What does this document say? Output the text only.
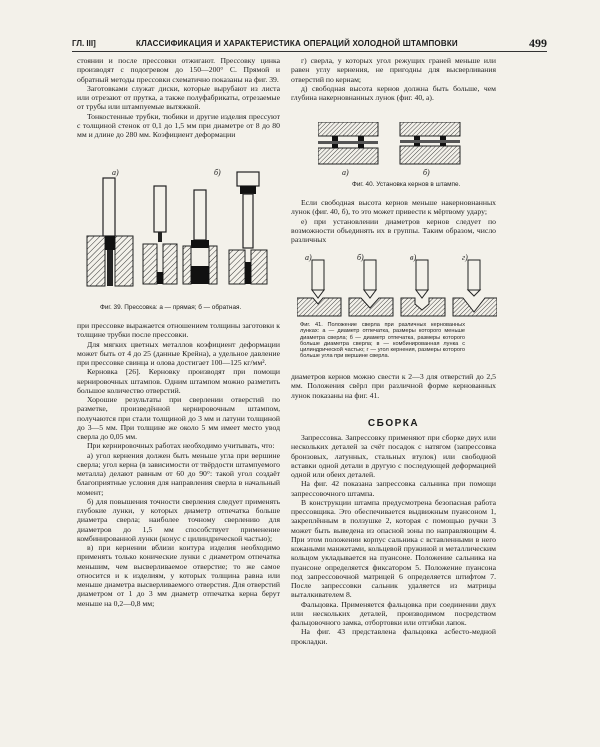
ГЛ. III]	КЛАССИФИКАЦИЯ И ХАРАКТЕРИСТИКА ОПЕРАЦИЙ ХОЛОДНОЙ ШТАМПОВКИ	499

стоянии и после прессовки отжигают. Прессовку цинка производят с подогревом до 150—200° С. Прямой и обратный методы прессовки схематично показаны на фиг. 39.

Заготовками служат диски, которые вырубают из листа или отрезают от прутка, а также полуфабрикаты, отрезаемые от трубы или штампуемые вытяжкой.

Тонкостенные трубки, тюбики и другие изделия прессуют с толщиной стенок от 0,1 до 1,5 мм при диаметре от 8 до 80 мм и длине до 280 мм. Коэфициент деформации

a)	б)
Фиг. 39. Прессовка: а — прямая; б — обратная.

при прессовке выражается отношением толщины заготовки к толщине трубки после прессовки.

Для мягких цветных металлов коэфициент деформации может быть от 4 до 25 (данные Крейна), а удельное давление при прессовке свинца и олова достигает 100—125 кг/мм².

Керновка [26]. Керновку производят при помощи кернировочных штампов. Одним штампом можно разметить большое количество отверстий.

Хорошие результаты при сверлении отверстий по разметке, произведённой кернировочным штампом, получаются при стали толщиной до 3 мм и латуни толщиной до 3—5 мм. При толщине же около 5 мм имеет место увод сверла до 0,05 мм.

При кернировочных работах необходимо учитывать, что:

а) угол кернения должен быть меньше угла при вершине сверла; угол керна (в зависимости от твёрдости штампуемого металла) делают равным от 60 до 90°: такой угол создаёт благоприятные условия для направления сверла в начальный момент;

б) для повышения точности сверления следует применять глубокие лунки, у которых диаметр отпечатка больше диаметра сверла; наиболее точному сверлению для диаметров до 1,5 мм способствует применение комбинированной лунки (конус с цилиндрической частью);

в) при кернении вблизи контура изделия необходимо применять только конические лунки с диаметром отпечатка меньшим, чем высверливаемое отверстие; то же самое относится и к изделиям, у которых толщина равна или меньше диаметра высверливаемого отверстия. Для отверстий диаметром от 1 до 3 мм диаметр отпечатка керна берут меньше на 0,2—0,8 мм;

г) сверла, у которых угол режущих граней меньше или равен углу кернения, не пригодны для высверливания отверстий по кернам;

д) свободная высота кернов должна быть больше, чем глубина накерновнанных лунок (фиг. 40, а).

а)	б)
Фиг. 40. Установка кернов в штампе.

Если свободная высота кернов меньше накерновнанных лунок (фиг. 40, б), то это может привести к мёртвому удару;

е) при установлении диаметров кернов следует по возможности объединять их в группы. Таким образом, число различных

а)	б)	в)	г)
Фиг. 41. Положение сверла при различных кернованных лунках: а — диаметр отпечатка, размеры которого меньше диаметра сверла; б — диаметр отпечатка, размеры которого больше диаметра сверла; в — комбинированная лунка с цилиндрической частью; г — угол кернения, размеры которого больше угла при вершине сверла.

диаметров кернов можно свести к 2—3 для отверстий до 2,5 мм. Положения свёрл при различной форме кернованных лунок показаны на фиг. 41.

СБОРКА

Запрессовка. Запрессовку применяют при сборке двух или нескольких деталей за счёт посадок с натягом (запрессовка бронзовых, латунных, стальных втулок) или свободной вставки одной детали в другую с последующей деформацией одной или обеих деталей.

На фиг. 42 показана запрессовка сальника при помощи запрессовочного штампа.

В конструкции штампа предусмотрена безопасная работа прессовщика. Это обеспечивается выдвижным пуансоном 1, закреплённым в ползушке 2, которая с помощью ручки 3 может быть выведена из опасной зоны по направляющим 4. При этом положении корпус сальника с вставленными в него кожаными манжетами, кольцевой пружиной и металлическим кольцом укладывается на пуансоне. Положение сальника на пуансоне определяется фиксатором 5. Положение пуансона под запрессовочной матрицей 6 определяется штифтом 7. После запрессовки сальник удаляется из матрицы выталкивателем 8.

Фальцовка. Применяется фальцовка при соединении двух или нескольких деталей, производимом посредством фальцовочного замка, отбортовки или отгибки лапок.

На фиг. 43 представлена фальцовка асбесто-медной прокладки.
